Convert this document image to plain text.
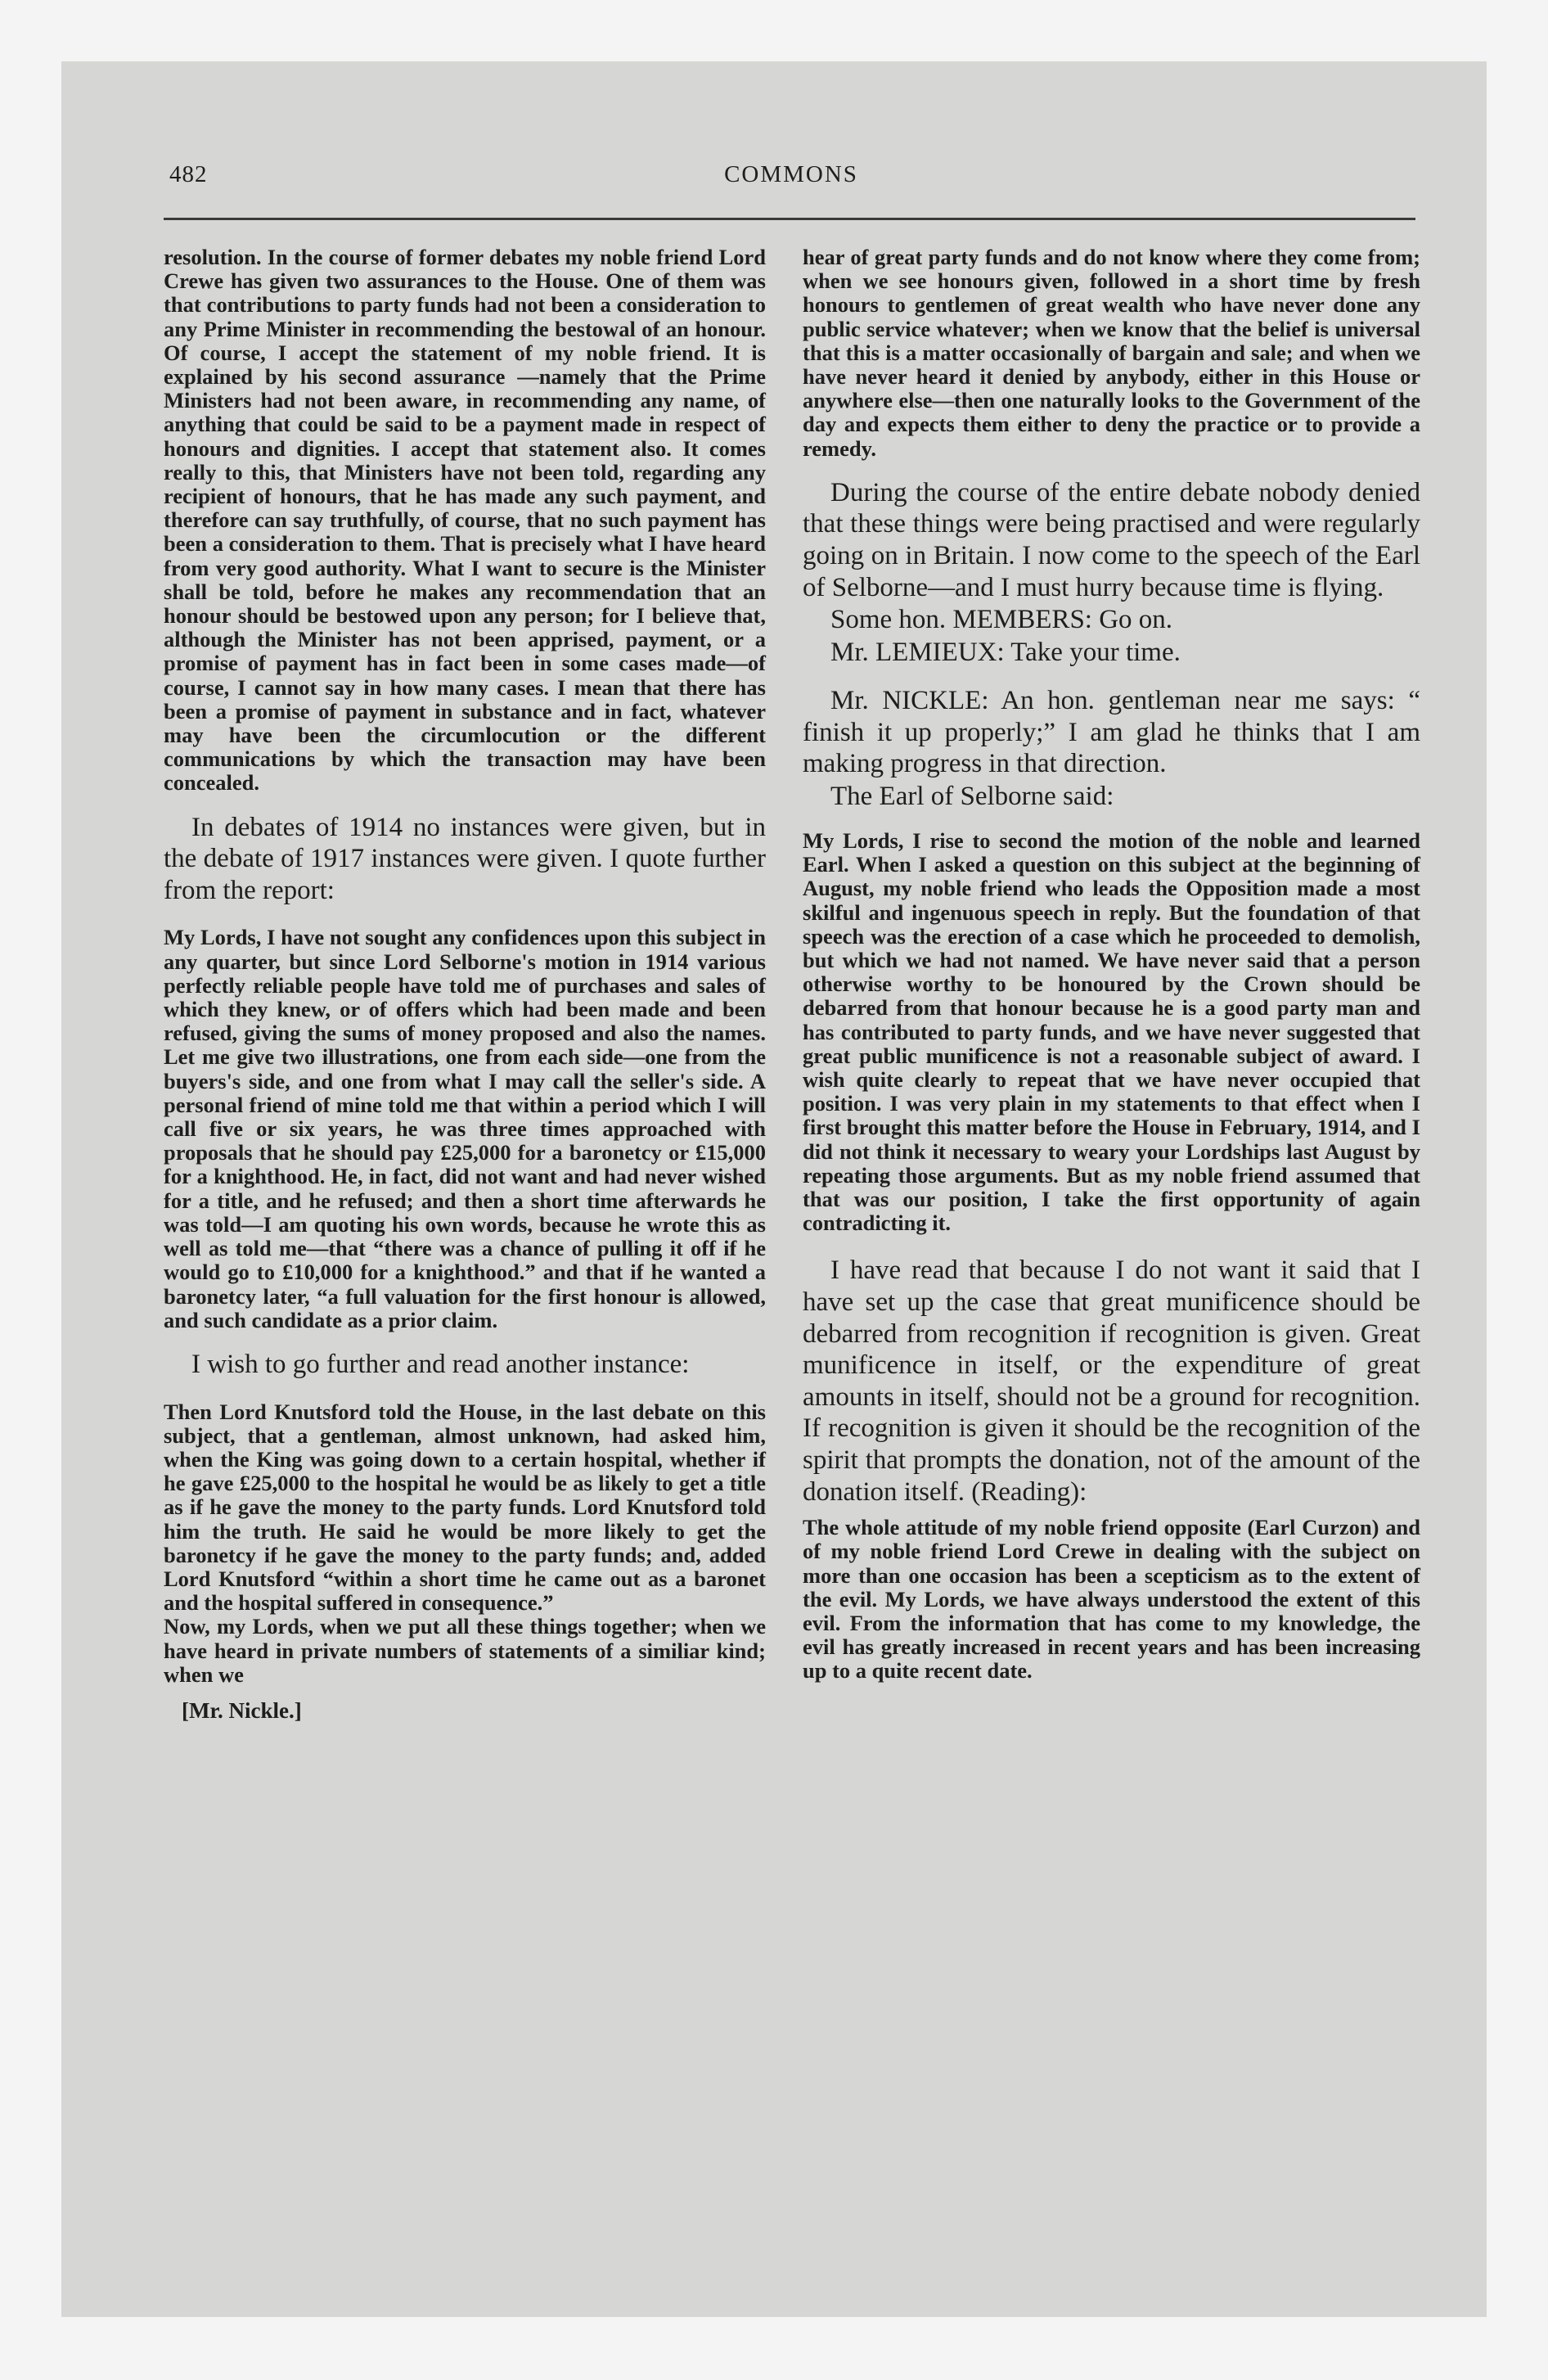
482	COMMONS

resolution. In the course of former debates my noble friend Lord Crewe has given two assurances to the House. One of them was that contributions to party funds had not been a consideration to any Prime Minister in recommending the bestowal of an honour. Of course, I accept the statement of my noble friend. It is explained by his second assurance —namely that the Prime Ministers had not been aware, in recommending any name, of anything that could be said to be a payment made in respect of honours and dignities. I accept that statement also. It comes really to this, that Ministers have not been told, regarding any recipient of honours, that he has made any such payment, and therefore can say truthfully, of course, that no such payment has been a consideration to them. That is precisely what I have heard from very good authority. What I want to secure is the Minister shall be told, before he makes any recommendation that an honour should be bestowed upon any person; for I believe that, although the Minister has not been apprised, payment, or a promise of payment has in fact been in some cases made—of course, I cannot say in how many cases. I mean that there has been a promise of payment in substance and in fact, whatever may have been the circumlocution or the different communications by which the transaction may have been concealed.

In debates of 1914 no instances were given, but in the debate of 1917 instances were given. I quote further from the report:

My Lords, I have not sought any confidences upon this subject in any quarter, but since Lord Selborne's motion in 1914 various perfectly reliable people have told me of purchases and sales of which they knew, or of offers which had been made and been refused, giving the sums of money proposed and also the names. Let me give two illustrations, one from each side—one from the buyers's side, and one from what I may call the seller's side. A personal friend of mine told me that within a period which I will call five or six years, he was three times approached with proposals that he should pay £25,000 for a baronetcy or £15,000 for a knighthood. He, in fact, did not want and had never wished for a title, and he refused; and then a short time afterwards he was told—I am quoting his own words, because he wrote this as well as told me—that “there was a chance of pulling it off if he would go to £10,000 for a knighthood.” and that if he wanted a baronetcy later, “a full valuation for the first honour is allowed, and such candidate as a prior claim.

I wish to go further and read another instance:

Then Lord Knutsford told the House, in the last debate on this subject, that a gentleman, almost unknown, had asked him, when the King was going down to a certain hospital, whether if he gave £25,000 to the hospital he would be as likely to get a title as if he gave the money to the party funds. Lord Knutsford told him the truth. He said he would be more likely to get the baronetcy if he gave the money to the party funds; and, added Lord Knutsford “within a short time he came out as a baronet and the hospital suffered in consequence.”

Now, my Lords, when we put all these things together; when we have heard in private numbers of statements of a similiar kind; when we

[Mr. Nickle.]

hear of great party funds and do not know where they come from; when we see honours given, followed in a short time by fresh honours to gentlemen of great wealth who have never done any public service whatever; when we know that the belief is universal that this is a matter occasionally of bargain and sale; and when we have never heard it denied by anybody, either in this House or anywhere else—then one naturally looks to the Government of the day and expects them either to deny the practice or to provide a remedy.

During the course of the entire debate nobody denied that these things were being practised and were regularly going on in Britain. I now come to the speech of the Earl of Selborne—and I must hurry because time is flying.

Some hon. MEMBERS: Go on.

Mr. LEMIEUX: Take your time.

Mr. NICKLE: An hon. gentleman near me says: “ finish it up properly;” I am glad he thinks that I am making progress in that direction.

The Earl of Selborne said:

My Lords, I rise to second the motion of the noble and learned Earl. When I asked a question on this subject at the beginning of August, my noble friend who leads the Opposition made a most skilful and ingenuous speech in reply. But the foundation of that speech was the erection of a case which he proceeded to demolish, but which we had not named. We have never said that a person otherwise worthy to be honoured by the Crown should be debarred from that honour because he is a good party man and has contributed to party funds, and we have never suggested that great public munificence is not a reasonable subject of award. I wish quite clearly to repeat that we have never occupied that position. I was very plain in my statements to that effect when I first brought this matter before the House in February, 1914, and I did not think it necessary to weary your Lordships last August by repeating those arguments. But as my noble friend assumed that that was our position, I take the first opportunity of again contradicting it.

I have read that because I do not want it said that I have set up the case that great munificence should be debarred from recognition if recognition is given. Great munificence in itself, or the expenditure of great amounts in itself, should not be a ground for recognition. If recognition is given it should be the recognition of the spirit that prompts the donation, not of the amount of the donation itself. (Reading):

The whole attitude of my noble friend opposite (Earl Curzon) and of my noble friend Lord Crewe in dealing with the subject on more than one occasion has been a scepticism as to the extent of the evil. My Lords, we have always understood the extent of this evil. From the information that has come to my knowledge, the evil has greatly increased in recent years and has been increasing up to a quite recent date.
